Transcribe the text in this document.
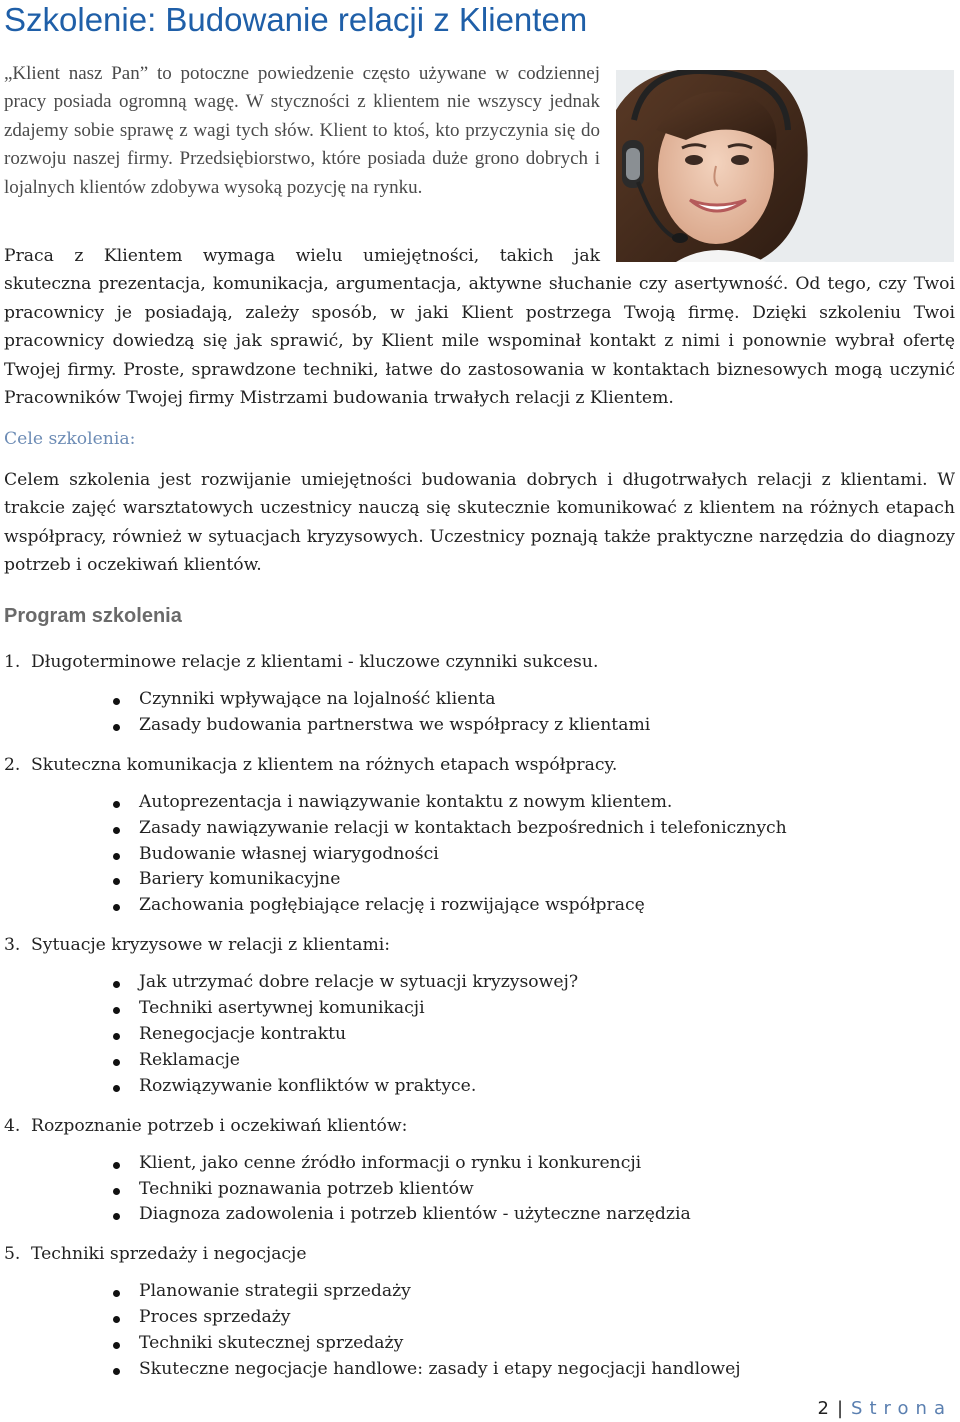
Szkolenie: Budowanie relacji z Klientem

„Klient nasz Pan” to potoczne powiedzenie często używane w codziennej pracy posiada ogromną wagę. W styczności z klientem nie wszyscy jednak zdajemy sobie sprawę z wagi tych słów. Klient to ktoś, kto przyczynia się do rozwoju naszej firmy. Przedsiębiorstwo, które posiada duże grono dobrych i lojalnych klientów zdobywa wysoką pozycję na rynku.

Praca z Klientem wymaga wielu umiejętności, takich jak
skuteczna prezentacja, komunikacja, argumentacja, aktywne słuchanie czy asertywność. Od tego, czy Twoi pracownicy je posiadają, zależy sposób, w jaki Klient postrzega Twoją firmę. Dzięki szkoleniu Twoi pracownicy dowiedzą się jak sprawić, by Klient mile wspominał kontakt z nimi i ponownie wybrał ofertę Twojej firmy. Proste, sprawdzone techniki, łatwe do zastosowania w kontaktach biznesowych mogą uczynić Pracowników Twojej firmy Mistrzami budowania trwałych relacji z Klientem.

Cele szkolenia:

Celem szkolenia jest rozwijanie umiejętności budowania dobrych i długotrwałych relacji z klientami. W trakcie zajęć warsztatowych uczestnicy nauczą się skutecznie komunikować z klientem na różnych etapach współpracy, również w sytuacjach kryzysowych. Uczestnicy poznają także praktyczne narzędzia do diagnozy potrzeb i oczekiwań klientów.

Program szkolenia
1. Długoterminowe relacje z klientami - kluczowe czynniki sukcesu.
Czynniki wpływające na lojalność klienta
Zasady budowania partnerstwa we współpracy z klientami
2. Skuteczna komunikacja z klientem na różnych etapach współpracy.
Autoprezentacja i nawiązywanie kontaktu z nowym klientem.
Zasady nawiązywanie relacji w kontaktach bezpośrednich i telefonicznych
Budowanie własnej wiarygodności
Bariery komunikacyjne
Zachowania pogłębiające relację i rozwijające współpracę
3. Sytuacje kryzysowe w relacji z klientami:
Jak utrzymać dobre relacje w sytuacji kryzysowej?
Techniki asertywnej komunikacji
Renegocjacje kontraktu
Reklamacje
Rozwiązywanie konfliktów w praktyce.
4. Rozpoznanie potrzeb i oczekiwań klientów:
Klient, jako cenne źródło informacji o rynku i konkurencji
Techniki poznawania potrzeb klientów
Diagnoza zadowolenia i potrzeb klientów - użyteczne narzędzia
5. Techniki sprzedaży i negocjacje
Planowanie strategii sprzedaży
Proces sprzedaży
Techniki skutecznej sprzedaży
Skuteczne negocjacje handlowe: zasady i etapy negocjacji handlowej
2 | Strona
